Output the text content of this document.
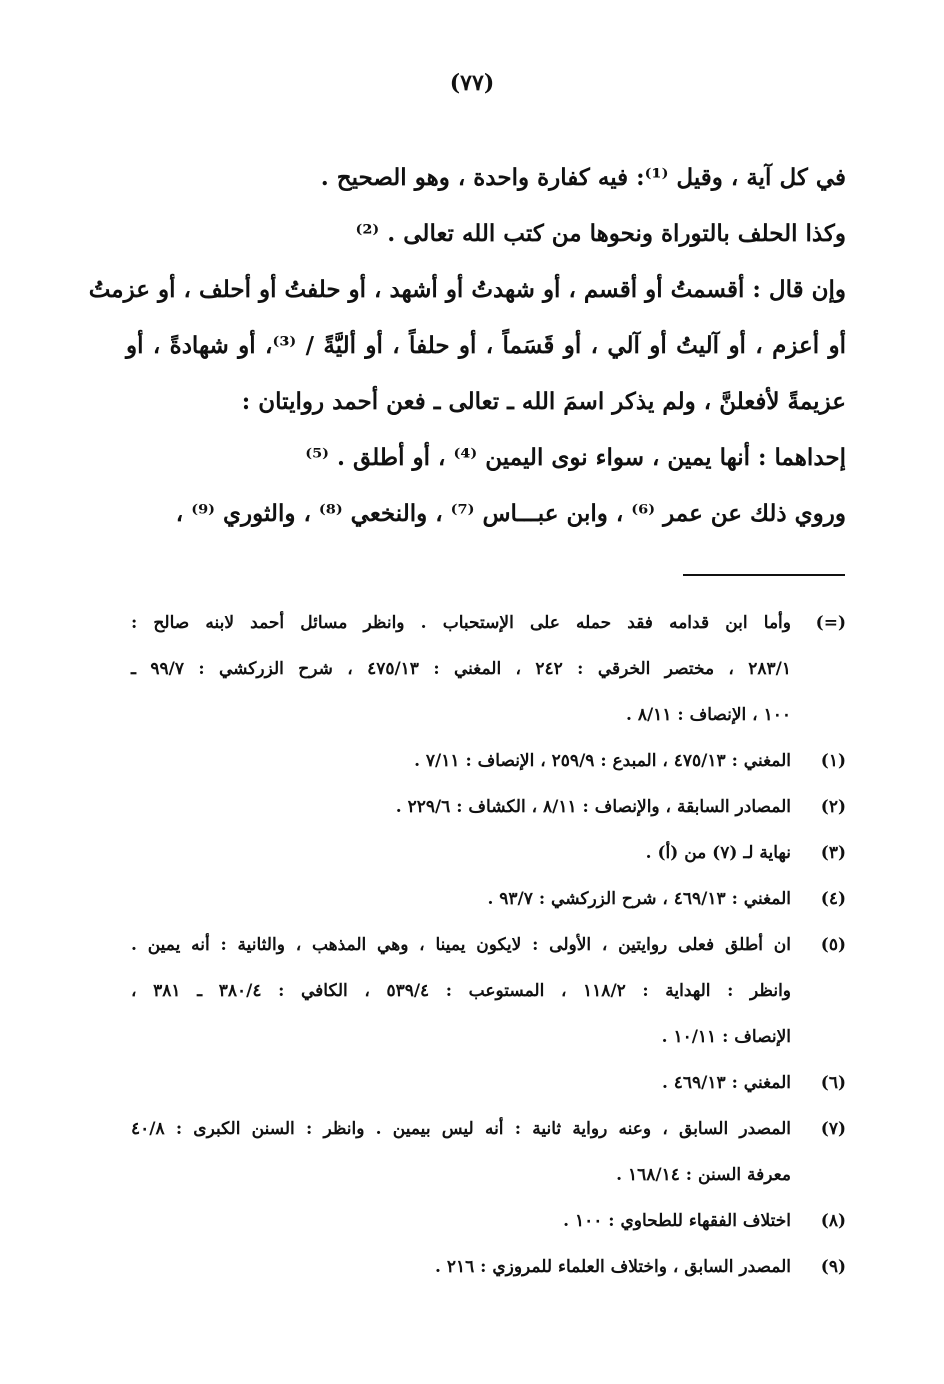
(٧٧)
في كل آية ، وقيل ⁽¹⁾: فيه كفارة واحدة ، وهو الصحيح .
وكذا الحلف بالتوراة ونحوها من كتب الله تعالى . ⁽²⁾
وإن قال : أقسمتُ أو أقسم ، أو شهدتُ أو أشهد ، أو حلفتُ أو أحلف ، أو عزمتُ
أو أعزم ، أو آليتُ أو آلي ، أو قَسَماً ، أو حلفاً ، أو أليَّةً / ⁽³⁾، أو شهادةً ، أو
عزيمةً لأفعلنَّ ، ولم يذكر اسمَ الله ـ تعالى ـ فعن أحمد روايتان :
إحداهما : أنها يمين ، سواء نوى اليمين ⁽⁴⁾ ، أو أطلق . ⁽⁵⁾
وروي ذلك عن عمر ⁽⁶⁾ ، وابن عبـــاس ⁽⁷⁾ ، والنخعي ⁽⁸⁾ ، والثوري ⁽⁹⁾ ،
(=)
وأما ابن قدامه فقد حمله على الإستحباب . وانظر مسائل أحمد لابنه صالح :
٢٨٣/١ ، مختصر الخرقي : ٢٤٢ ، المغني : ٤٧٥/١٣ ، شرح الزركشي : ٩٩/٧ ـ
١٠٠ ، الإنصاف : ٨/١١ .
(١)
المغني : ٤٧٥/١٣ ، المبدع : ٢٥٩/٩ ، الإنصاف : ٧/١١ .
(٢)
المصادر السابقة ، والإنصاف : ٨/١١ ، الكشاف : ٢٢٩/٦ .
(٣)
نهاية لـ (٧) من (أ) .
(٤)
المغني : ٤٦٩/١٣ ، شرح الزركشي : ٩٣/٧ .
(٥)
ان أطلق فعلى روايتين ، الأولى : لايكون يمينا ، وهي المذهب ، والثانية : أنه يمين .
وانظر : الهداية : ١١٨/٢ ، المستوعب : ٥٣٩/٤ ، الكافي : ٣٨٠/٤ ـ ٣٨١ ،
الإنصاف : ١٠/١١ .
(٦)
المغني : ٤٦٩/١٣ .
(٧)
المصدر السابق ، وعنه رواية ثانية : أنه ليس بيمين . وانظر : السنن الكبرى : ٤٠/٨
معرفة السنن : ١٦٨/١٤ .
(٨)
اختلاف الفقهاء للطحاوي : ١٠٠ .
(٩)
المصدر السابق ، واختلاف العلماء للمروزي : ٢١٦ .
